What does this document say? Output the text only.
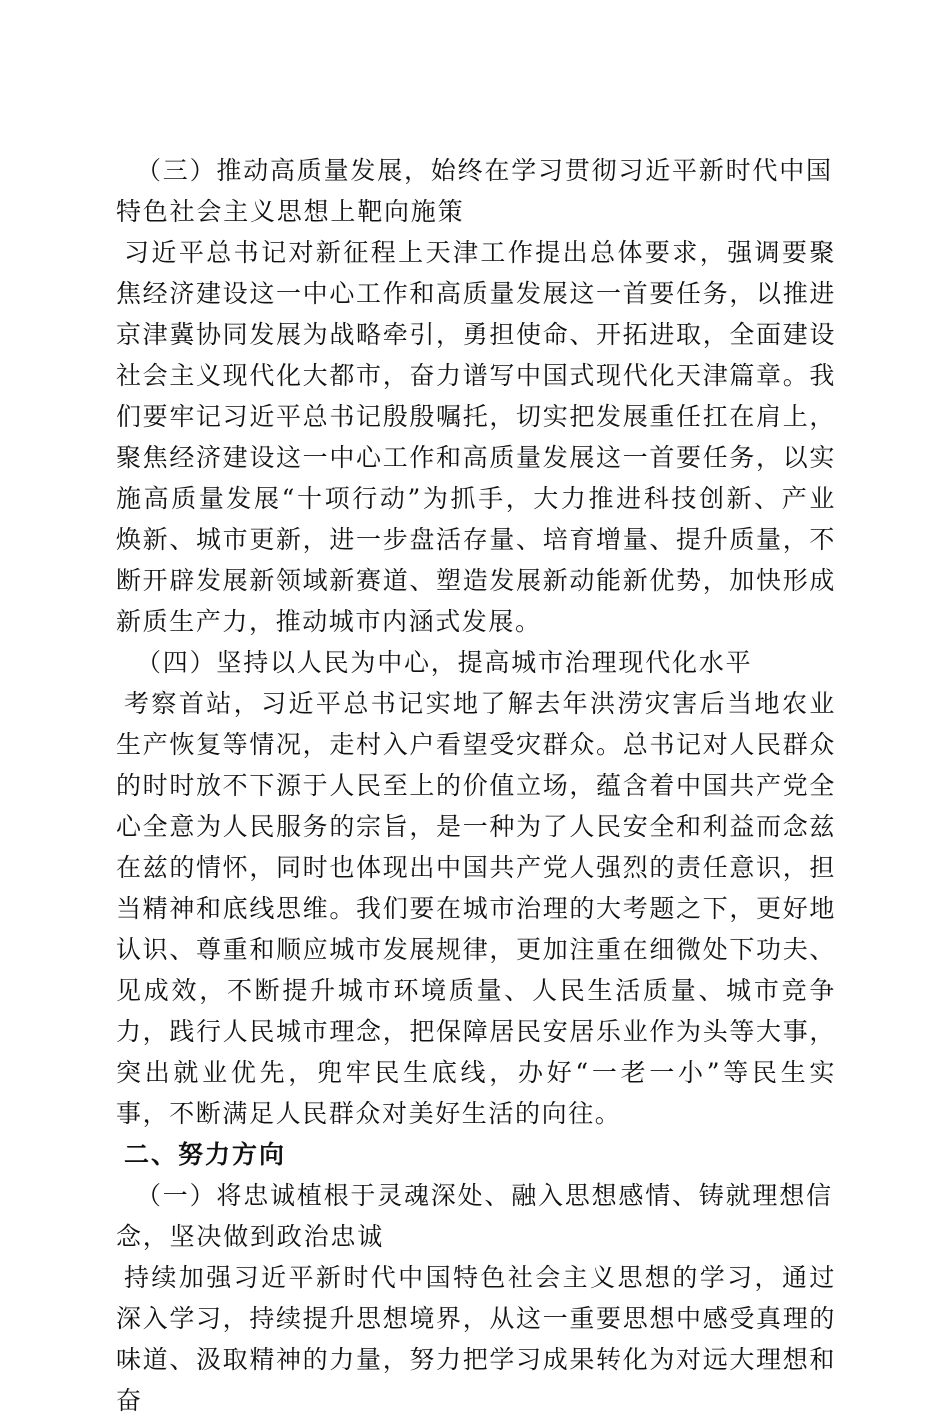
（三）推动高质量发展，始终在学习贯彻习近平新时代中国特色社会主义思想上靶向施策

习近平总书记对新征程上天津工作提出总体要求，强调要聚焦经济建设这一中心工作和高质量发展这一首要任务，以推进京津冀协同发展为战略牵引，勇担使命、开拓进取，全面建设社会主义现代化大都市，奋力谱写中国式现代化天津篇章。我们要牢记习近平总书记殷殷嘱托，切实把发展重任扛在肩上，聚焦经济建设这一中心工作和高质量发展这一首要任务，以实施高质量发展“十项行动”为抓手，大力推进科技创新、产业焕新、城市更新，进一步盘活存量、培育增量、提升质量，不断开辟发展新领域新赛道、塑造发展新动能新优势，加快形成新质生产力，推动城市内涵式发展。

（四）坚持以人民为中心，提高城市治理现代化水平

考察首站，习近平总书记实地了解去年洪涝灾害后当地农业生产恢复等情况，走村入户看望受灾群众。总书记对人民群众的时时放不下源于人民至上的价值立场，蕴含着中国共产党全心全意为人民服务的宗旨，是一种为了人民安全和利益而念兹在兹的情怀，同时也体现出中国共产党人强烈的责任意识，担当精神和底线思维。我们要在城市治理的大考题之下，更好地认识、尊重和顺应城市发展规律，更加注重在细微处下功夫、见成效，不断提升城市环境质量、人民生活质量、城市竞争力，践行人民城市理念，把保障居民安居乐业作为头等大事，突出就业优先，兜牢民生底线，办好“一老一小”等民生实事，不断满足人民群众对美好生活的向往。

二、努力方向

（一）将忠诚植根于灵魂深处、融入思想感情、铸就理想信念，坚决做到政治忠诚

持续加强习近平新时代中国特色社会主义思想的学习，通过深入学习，持续提升思想境界，从这一重要思想中感受真理的味道、汲取精神的力量，努力把学习成果转化为对远大理想和奋
